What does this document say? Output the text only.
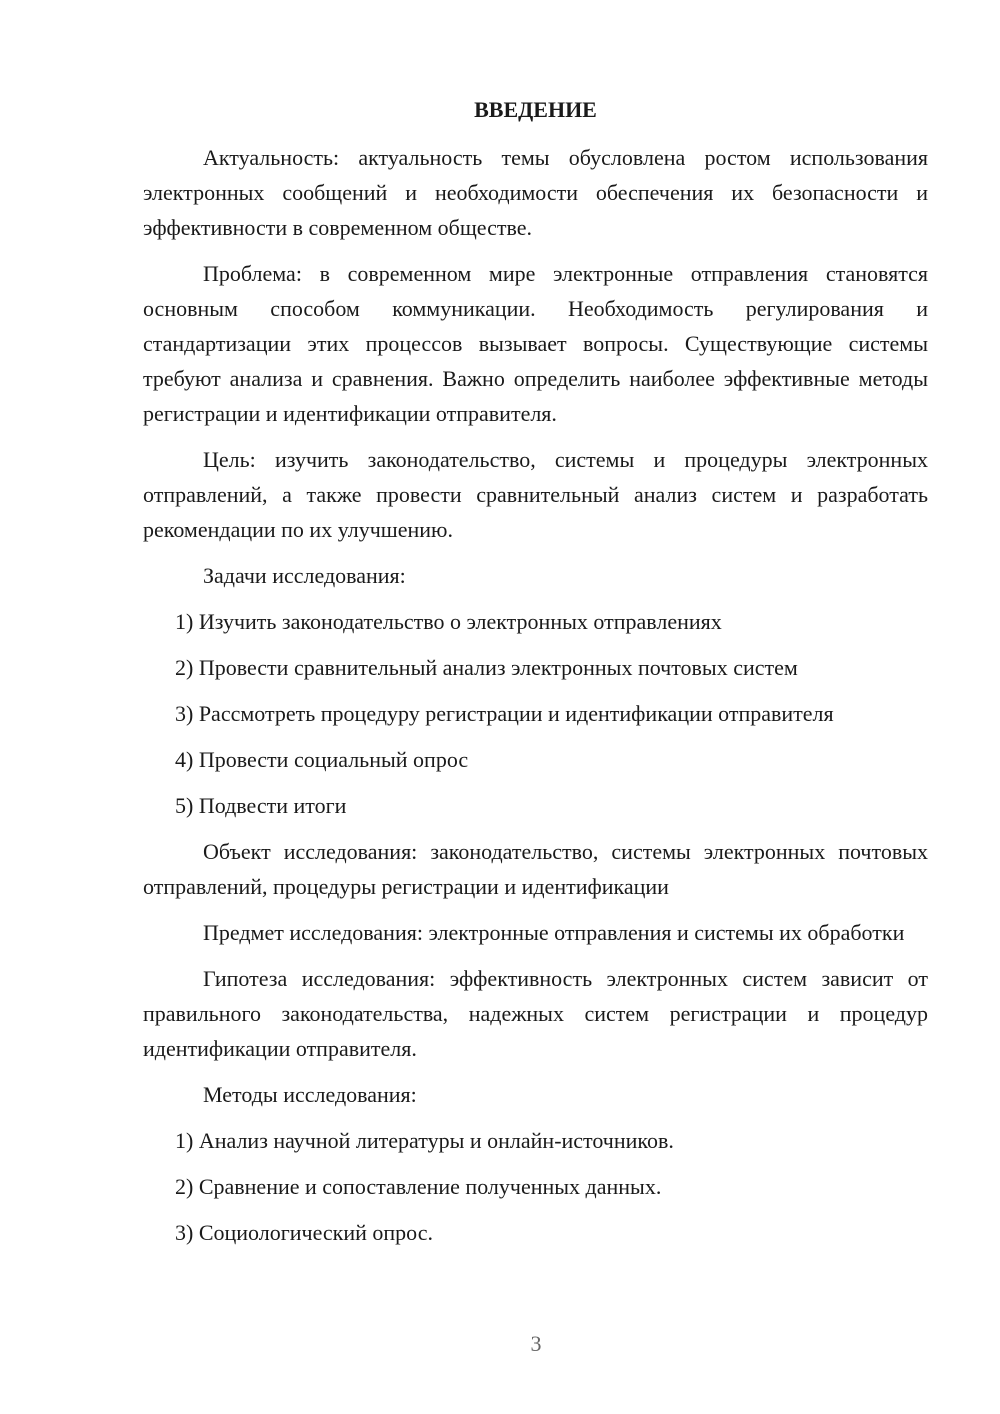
ВВЕДЕНИЕ

Актуальность: актуальность темы обусловлена ростом использования электронных сообщений и необходимости обеспечения их безопасности и эффективности в современном обществе.

Проблема: в современном мире электронные отправления становятся основным способом коммуникации. Необходимость регулирования и стандартизации этих процессов вызывает вопросы. Существующие системы требуют анализа и сравнения. Важно определить наиболее эффективные методы регистрации и идентификации отправителя.

Цель: изучить законодательство, системы и процедуры электронных отправлений, а также провести сравнительный анализ систем и разработать рекомендации по их улучшению.

Задачи исследования:

1) Изучить законодательство о электронных отправлениях
2) Провести сравнительный анализ электронных почтовых систем
3) Рассмотреть процедуру регистрации и идентификации отправителя
4) Провести социальный опрос
5) Подвести итоги

Объект исследования: законодательство, системы электронных почтовых отправлений, процедуры регистрации и идентификации

Предмет исследования: электронные отправления и системы их обработки

Гипотеза исследования: эффективность электронных систем зависит от правильного законодательства, надежных систем регистрации и процедур идентификации отправителя.

Методы исследования:

1) Анализ научной литературы и онлайн-источников.
2) Сравнение и сопоставление полученных данных.
3) Социологический опрос.
3
